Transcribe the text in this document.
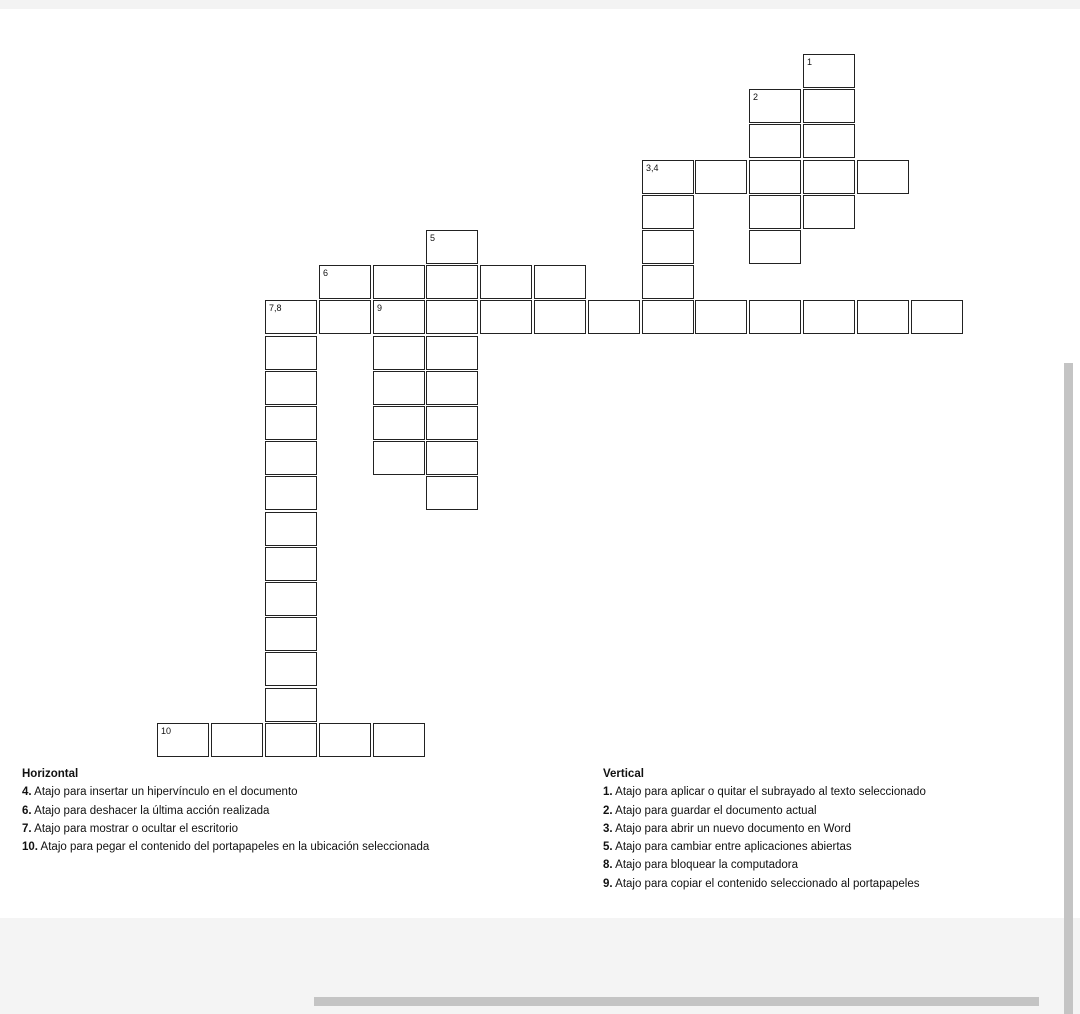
1
2
3,4
5
6
7,8	9
10
Horizontal
4. Atajo para insertar un hipervínculo en el documento
6. Atajo para deshacer la última acción realizada
7. Atajo para mostrar o ocultar el escritorio
10. Atajo para pegar el contenido del portapapeles en la ubicación seleccionada
Vertical
1. Atajo para aplicar o quitar el subrayado al texto seleccionado
2. Atajo para guardar el documento actual
3. Atajo para abrir un nuevo documento en Word
5. Atajo para cambiar entre aplicaciones abiertas
8. Atajo para bloquear la computadora
9. Atajo para copiar el contenido seleccionado al portapapeles
